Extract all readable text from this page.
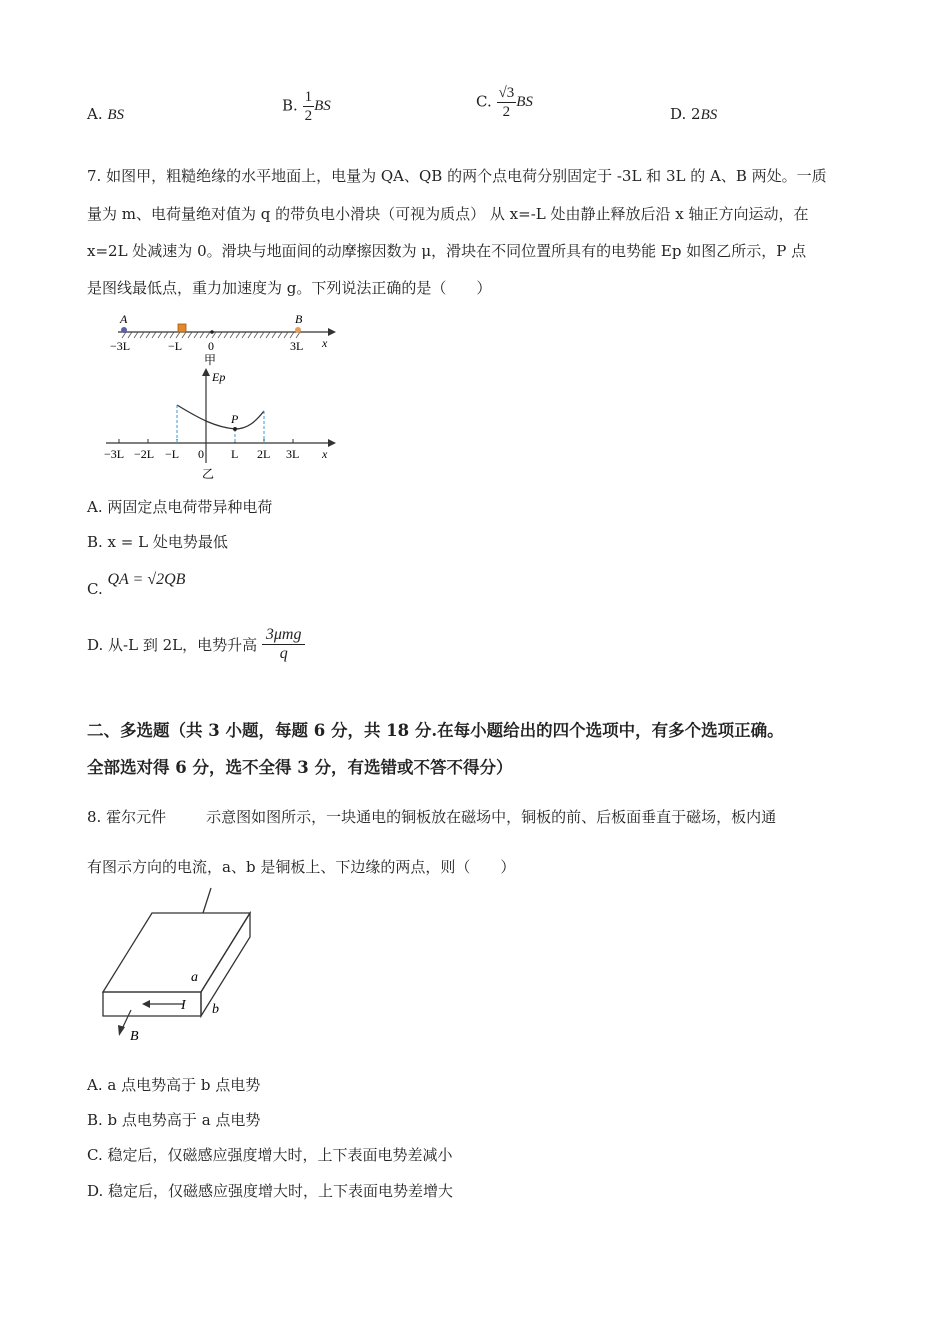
A. BS
B. $\frac{1}{2}$ BS	C. $\frac{√3}{2}$ BS
D. 2BS
7. 如图甲，粗糙绝缘的水平地面上，电量为 QA、QB 的两个点电荷分别固定于 -3L 和 3L 的 A、B 两处。一质
量为 m、电荷量绝对值为 q 的带负电小滑块（可视为质点） 从 x=-L 处由静止释放后沿 x 轴正方向运动，在
x=2L 处减速为 0。滑块与地面间的动摩擦因数为 μ，滑块在不同位置所具有的电势能 Ep 如图乙所示，P 点
是图线最低点，重力加速度为 g。下列说法正确的是（　　）
A	B
−3L	−L 0	3L x
甲
P
Ep
−3L −2L −L 0 L 2L 3L x
乙
A. 两固定点电荷带异种电荷
B. x = L 处电势最低
C. QA = √2QB
D. 从-L 到 2L，电势升高 $\frac{\text{3μmg}}{q}$
二、多选题（共 3 小题，每题 6 分，共 18 分.在每小题给出的四个选项中，有多个选项正确。
全部选对得 6 分，选不全得 3 分，有选错或不答不得分）
8. 霍尔元件	示意图如图所示，一块通电的铜板放在磁场中，铜板的前、后板面垂直于磁场，板内通
有图示方向的电流，a、b 是铜板上、下边缘的两点，则（　　）
a
b
I
B
A. a 点电势高于 b 点电势
B. b 点电势高于 a 点电势
C. 稳定后，仅磁感应强度增大时，上下表面电势差减小
D. 稳定后，仅磁感应强度增大时，上下表面电势差增大
